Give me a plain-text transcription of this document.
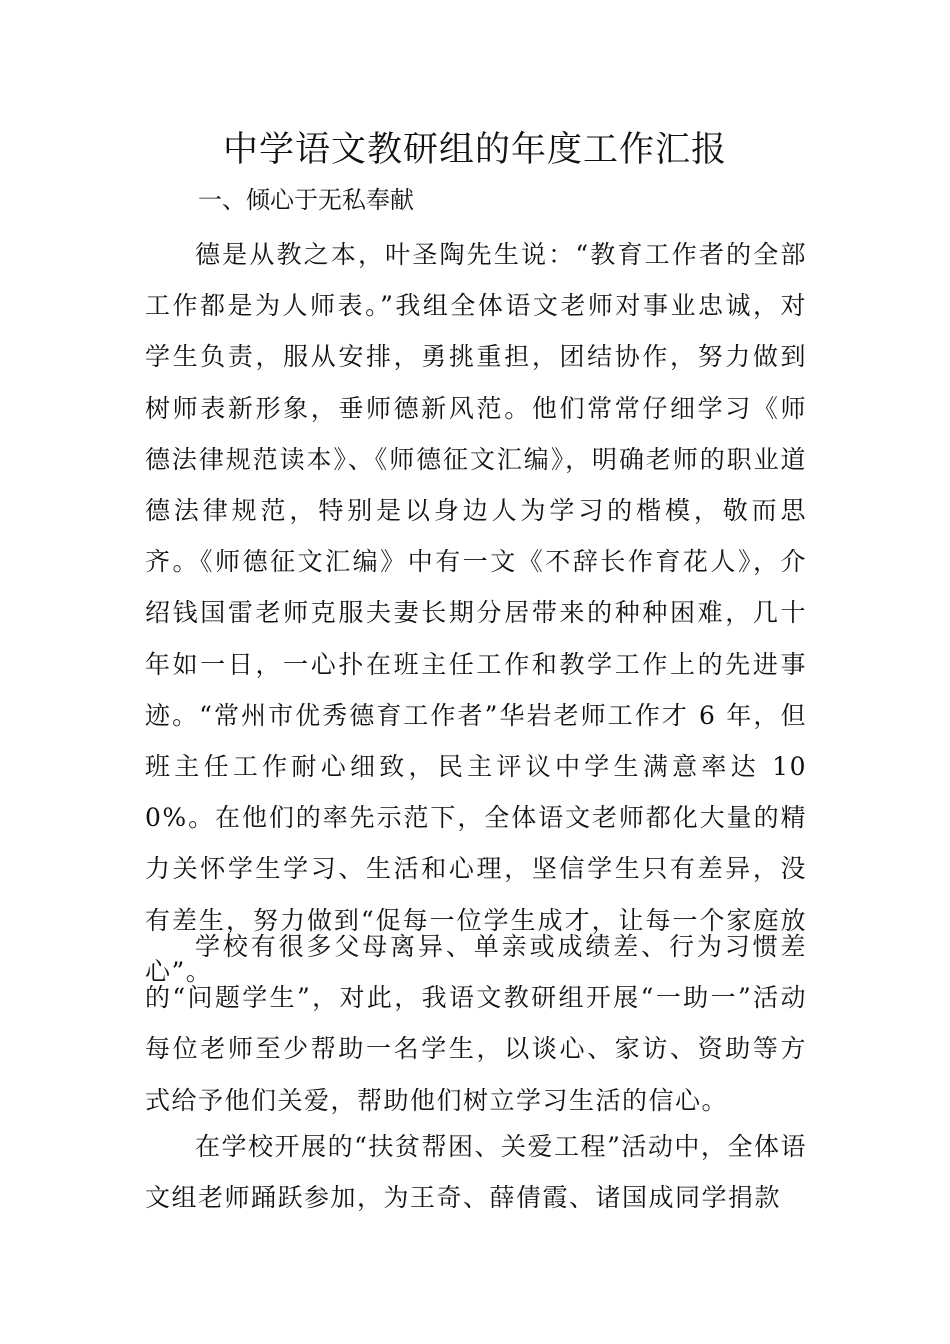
中学语文教研组的年度工作汇报
一、倾心于无私奉献

德是从教之本，叶圣陶先生说：“教育工作者的全部工作都是为人师表。”我组全体语文老师对事业忠诚，对学生负责，服从安排，勇挑重担，团结协作，努力做到树师表新形象，垂师德新风范。他们常常仔细学习《师德法律规范读本》、《师德征文汇编》，明确老师的职业道德法律规范，特别是以身边人为学习的楷模，敬而思齐。《师德征文汇编》中有一文《不辞长作育花人》，介绍钱国雷老师克服夫妻长期分居带来的种种困难，几十年如一日，一心扑在班主任工作和教学工作上的先进事迹。“常州市优秀德育工作者”华岩老师工作才 6 年，但班主任工作耐心细致，民主评议中学生满意率达 100%。在他们的率先示范下，全体语文老师都化大量的精力关怀学生学习、生活和心理，坚信学生只有差异，没有差生，努力做到“促每一位学生成才，让每一个家庭放心”。

学校有很多父母离异、单亲或成绩差、行为习惯差的“问题学生”，对此，我语文教研组开展“一助一”活动每位老师至少帮助一名学生，以谈心、家访、资助等方式给予他们关爱，帮助他们树立学习生活的信心。

在学校开展的“扶贫帮困、关爱工程”活动中，全体语文组老师踊跃参加，为王奇、薛倩霞、诸国成同学捐款
